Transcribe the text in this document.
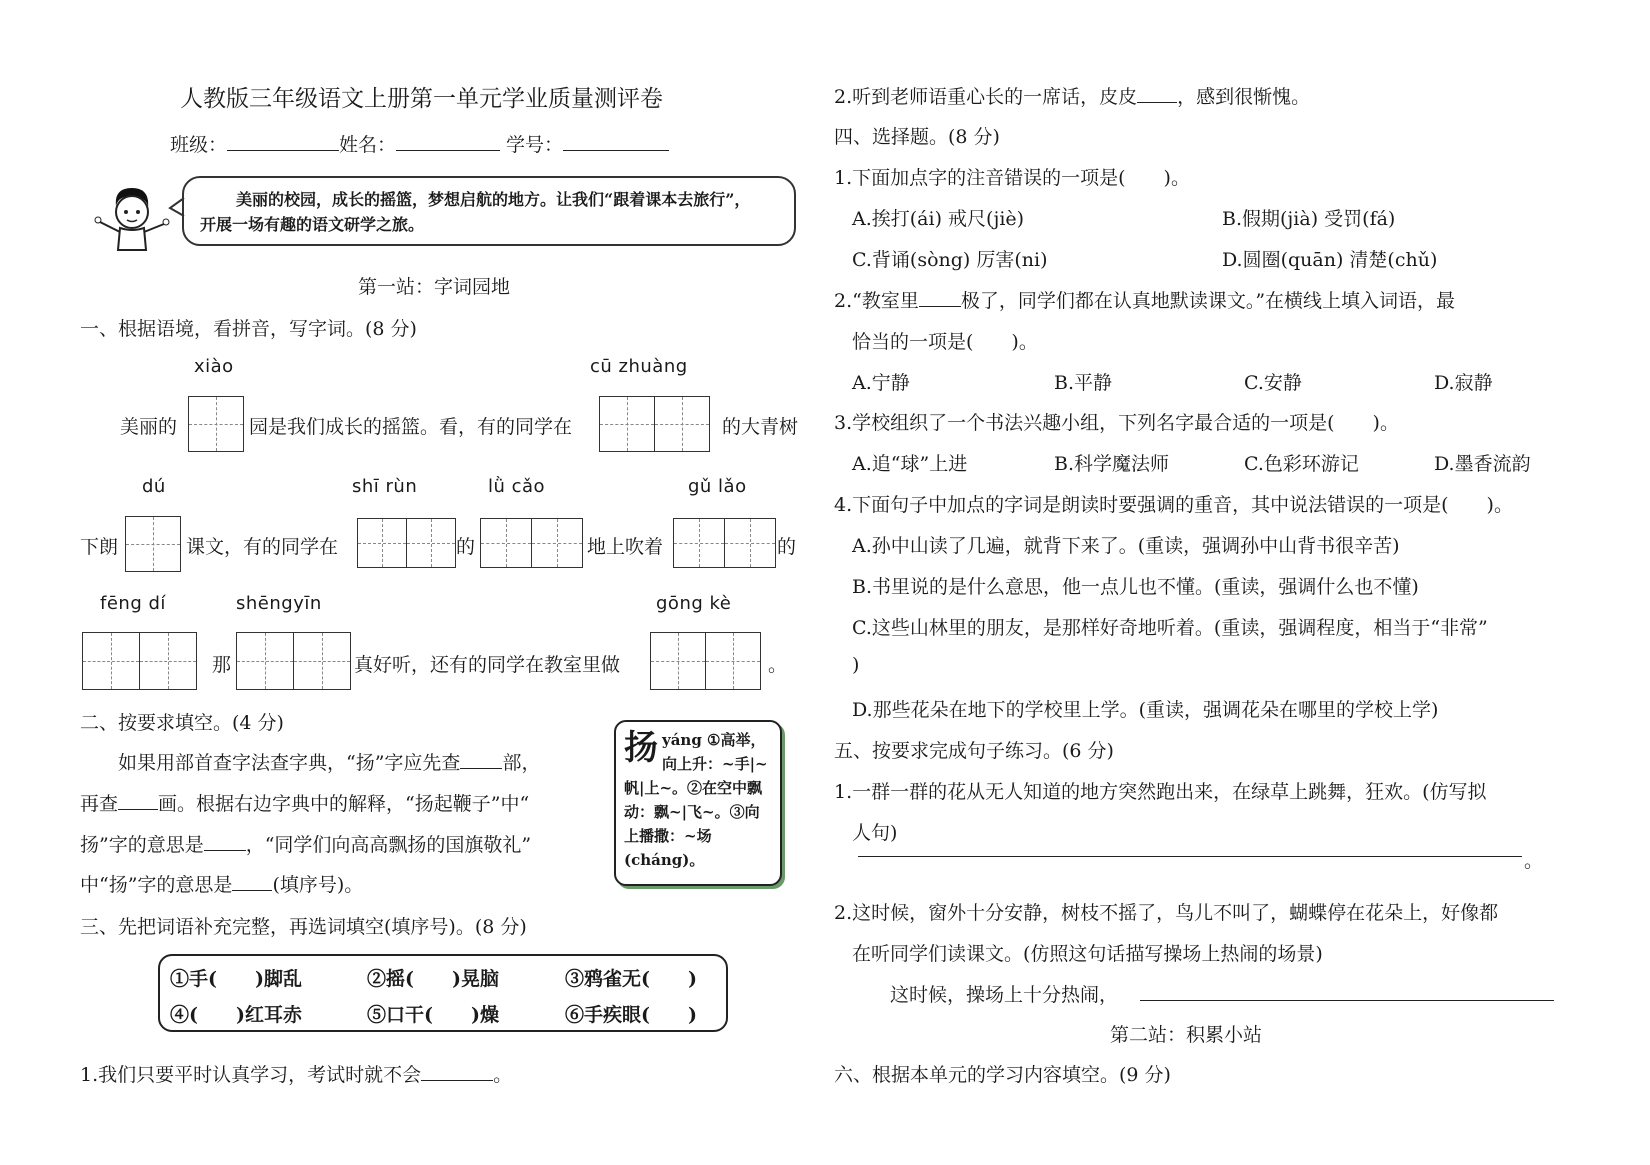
人教版三年级语文上册第一单元学业质量测评卷
班级：	姓名：	学号：
美丽的校园，成长的摇篮，梦想启航的地方。让我们“跟着课本去旅行”，
开展一场有趣的语文研学之旅。
第一站：字词园地
一、根据语境，看拼音，写字词。(8 分)
xiào	cū zhuàng
美丽的	园是我们成长的摇篮。看，有的同学在	的大青树
dú	shī rùn	lǜ cǎo	gǔ lǎo
下朗	课文，有的同学在	的	地上吹着	的
fēng dí	shēngyīn	gōng kè
那	真好听，还有的同学在教室里做	。
二、按要求填空。(4 分)
如果用部首查字法查字典，“扬”字应先查 部，
再查 画。根据右边字典中的解释，“扬起鞭子”中“
扬”字的意思是 ，“同学们向高高飘扬的国旗敬礼”
中“扬”字的意思是 (填序号)。
扬yáng ①高举，向上升：~手|~帆|上~。②在空中飘动：飘~|飞~。③向上播撒：~场(cháng)。
三、先把词语补充完整，再选词填空(填序号)。(8 分)
①手(　　)脚乱	②摇(　　)晃脑	③鸦雀无(　　)
④(　　)红耳赤	⑤口干(　　)燥	⑥手疾眼(　　)
1.我们只要平时认真学习，考试时就不会	。
2.听到老师语重心长的一席话，皮皮 ，感到很惭愧。
四、选择题。(8 分)
1.下面加点字的注音错误的一项是(　　)。
A.挨打(ái) 戒尺(jiè)	B.假期(jià) 受罚(fá)
C.背诵(sòng) 厉害(ni)	D.圆圈(quān) 清楚(chǔ)
2.“教室里 极了，同学们都在认真地默读课文。”在横线上填入词语，最
恰当的一项是(　　)。
A.宁静	B.平静	C.安静	D.寂静
3.学校组织了一个书法兴趣小组，下列名字最合适的一项是(　　)。
A.追“球”上进	B.科学魔法师	C.色彩环游记	D.墨香流韵
4.下面句子中加点的字词是朗读时要强调的重音，其中说法错误的一项是(　　)。
A.孙中山读了几遍，就背下来了。(重读，强调孙中山背书很辛苦)
B.书里说的是什么意思，他一点儿也不懂。(重读，强调什么也不懂)
C.这些山林里的朋友，是那样好奇地听着。(重读，强调程度，相当于“非常”
)
D.那些花朵在地下的学校里上学。(重读，强调花朵在哪里的学校上学)
五、按要求完成句子练习。(6 分)
1.一群一群的花从无人知道的地方突然跑出来，在绿草上跳舞，狂欢。(仿写拟
人句)
。
2.这时候，窗外十分安静，树枝不摇了，鸟儿不叫了，蝴蝶停在花朵上，好像都
在听同学们读课文。(仿照这句话描写操场上热闹的场景)
这时候，操场上十分热闹，
第二站：积累小站
六、根据本单元的学习内容填空。(9 分)
